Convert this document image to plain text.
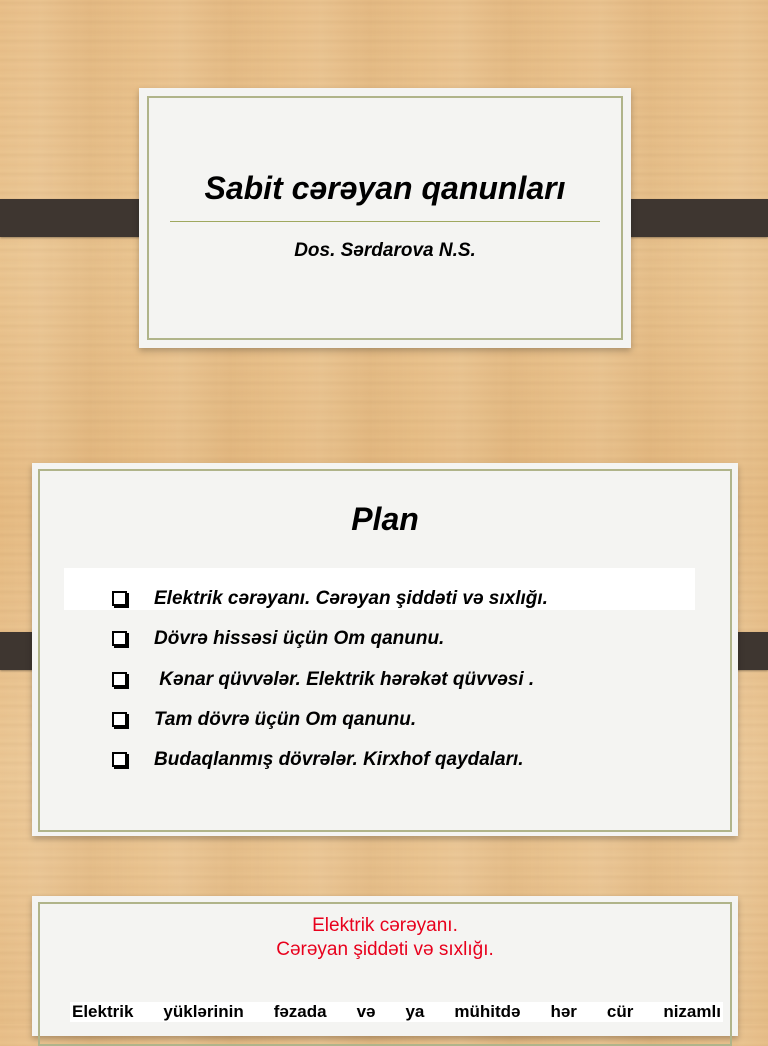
Sabit cərəyan qanunları
Dos. Sərdarova N.S.
Plan
Elektrik cərəyanı. Cərəyan şiddəti və sıxlığı.
Dövrə hissəsi üçün Om qanunu.
Kənar qüvvələr. Elektrik hərəkət qüvvəsi .
Tam dövrə üçün Om qanunu.
Budaqlanmış dövrələr. Kirxhof qaydaları.
Elektrik cərəyanı.
Cərəyan şiddəti və sıxlığı.
Elektrik yüklərinin fəzada və ya mühitdə hər cür nizamlı
